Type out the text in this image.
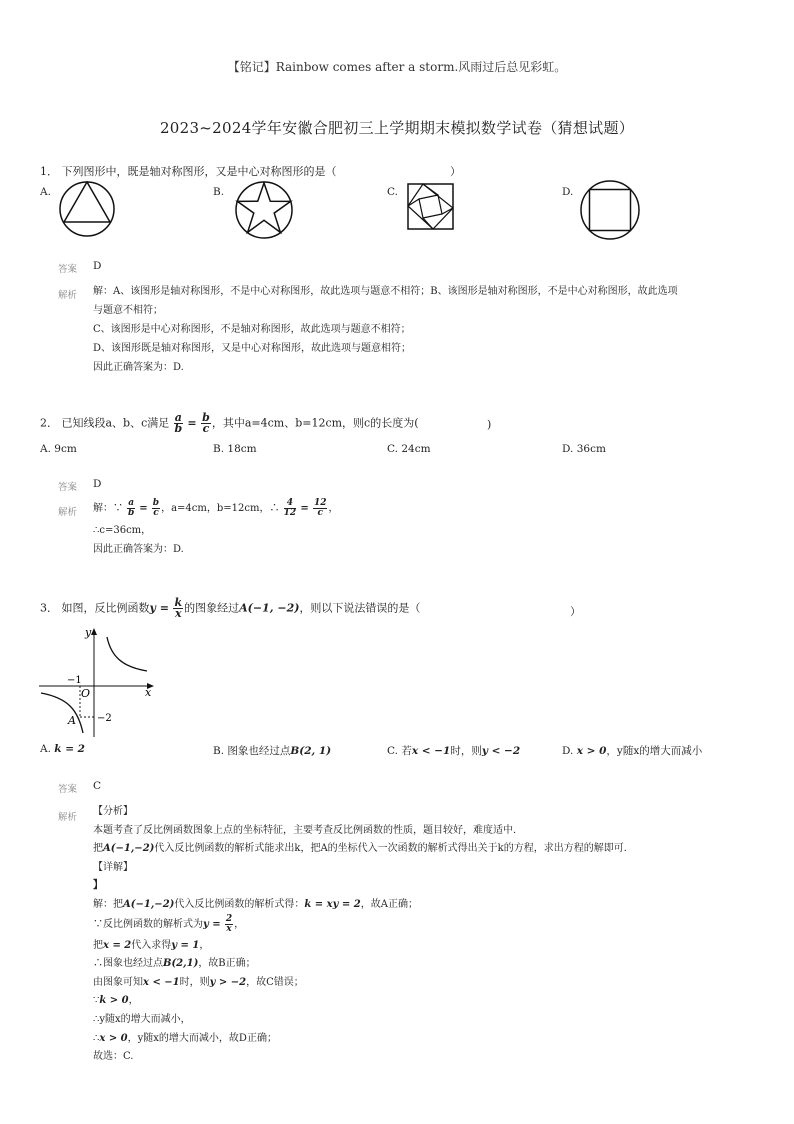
【铭记】Rainbow comes after a storm.风雨过后总见彩虹。
2023~2024学年安徽合肥初三上学期期末模拟数学试卷（猜想试题）
1． 下列图形中，既是轴对称图形，又是中心对称图形的是（	）
A.	B.	C.	D.
答案 D
解析 解：A、该图形是轴对称图形，不是中心对称图形，故此选项与题意不相符；B、该图形是轴对称图形，不是中心对称图形，故此选项
与题意不相符；
C、该图形是中心对称图形，不是轴对称图形，故此选项与题意不相符；
D、该图形既是轴对称图形，又是中心对称图形，故此选项与题意相符；
因此正确答案为：D.
2． 已知线段a、b、c满足 $\frac{a}{b} = \frac{b}{c}$ ，其中a=4cm、b=12cm，则c的长度为(	)
A. 9cm	B. 18cm	C. 24cm	D. 36cm
答案 D
解析 解：∵ $\frac{a}{b} = \frac{b}{c}$ ，a=4cm，b=12cm，∴ $\frac{4}{12} = \frac{12}{c}$ ，
∴c=36cm，
因此正确答案为：D.
3． 如图，反比例函数$y = \frac{k}{x}$ 的图象经过A(−1, −2)，则以下说法错误的是（	）
y
x
O
−1
−2
A
A. k = 2	B. 图象也经过点B(2, 1)	C. 若x < −1时，则y < −2	D. x > 0，y随x的增大而减小
答案 C
解析
【分析】
本题考查了反比例函数图象上点的坐标特征，主要考查反比例函数的性质，题目较好，难度适中．
把A(−1,−2)代入反比例函数的解析式能求出k，把A的坐标代入一次函数的解析式得出关于k的方程，求出方程的解即可．
【详解】
】
解：把A(−1,−2)代入反比例函数的解析式得：k = xy = 2，故A正确；
∵反比例函数的解析式为$y = \frac{2}{x}$ ，
把x = 2代入求得y = 1，
∴图象也经过点B(2,1)，故B正确；
由图象可知x < −1时，则y > −2，故C错误；
∵k > 0，
∴y随x的增大而减小，
∴x > 0，y随x的增大而减小，故D正确；
故选：C.
